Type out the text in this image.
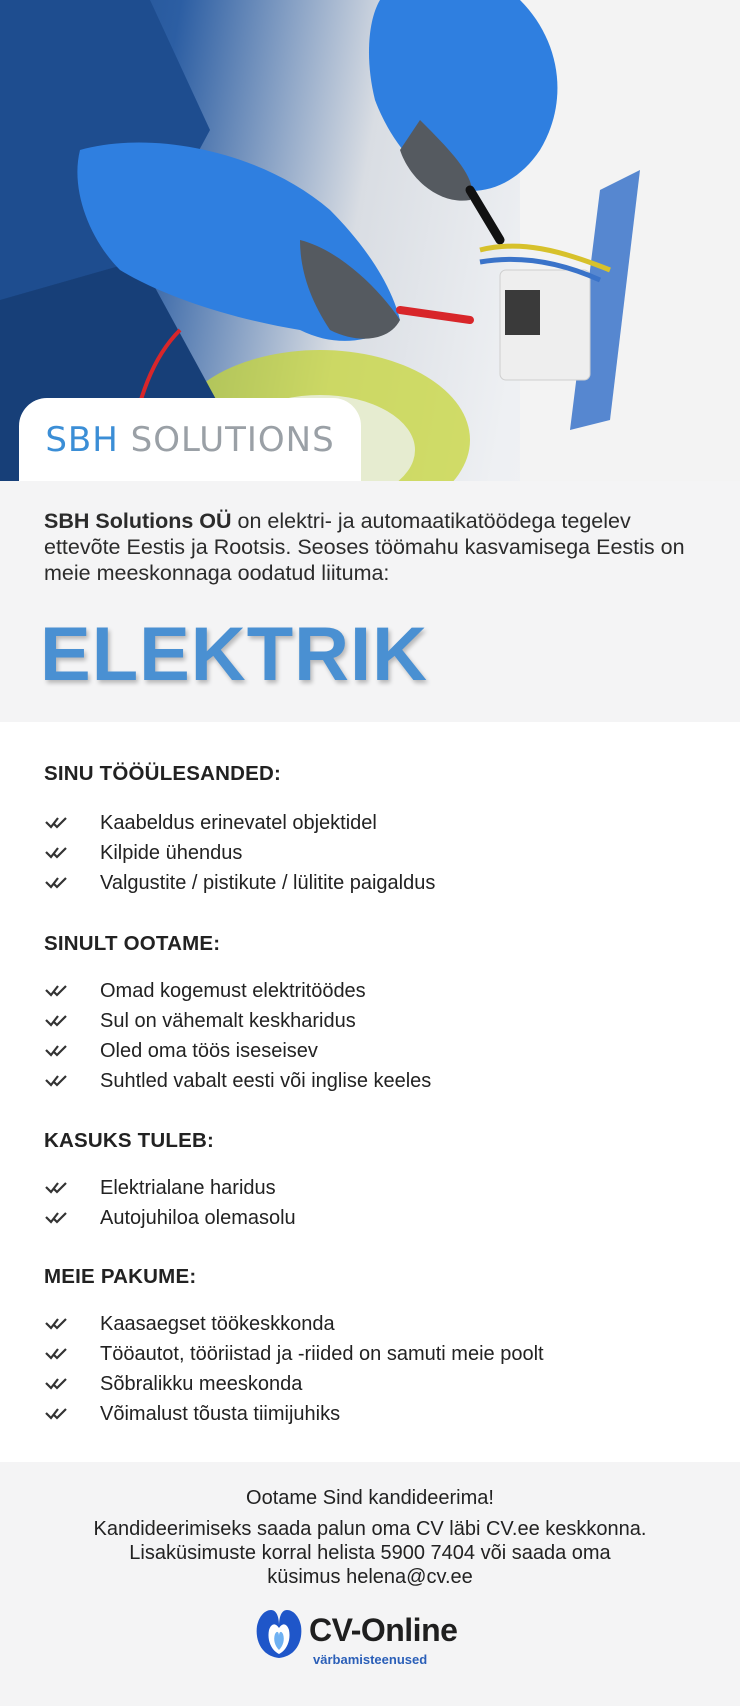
SBH SOLUTIONS

SBH Solutions OÜ on elektri- ja automaatikatöödega tegelev ettevõte Eestis ja Rootsis. Seoses töömahu kasvamisega Eestis on meie meeskonnaga oodatud liituma:

ELEKTRIK
SINU TÖÖÜLESANDED:
Kaabeldus erinevatel objektidel
Kilpide ühendus
Valgustite / pistikute / lülitite paigaldus
SINULT OOTAME:
Omad kogemust elektritöödes
Sul on vähemalt keskharidus
Oled oma töös iseseisev
Suhtled vabalt eesti või inglise keeles
KASUKS TULEB:
Elektrialane haridus
Autojuhiloa olemasolu
MEIE PAKUME:
Kaasaegset töökeskkonda
Tööautot, tööriistad ja -riided on samuti meie poolt
Sõbralikku meeskonda
Võimalust tõusta tiimijuhiks
Ootame Sind kandideerima!
Kandideerimiseks saada palun oma CV läbi CV.ee keskkonna. Lisaküsimuste korral helista 5900 7404 või saada oma küsimus helena@cv.ee
CV-Online
värbamisteenused
